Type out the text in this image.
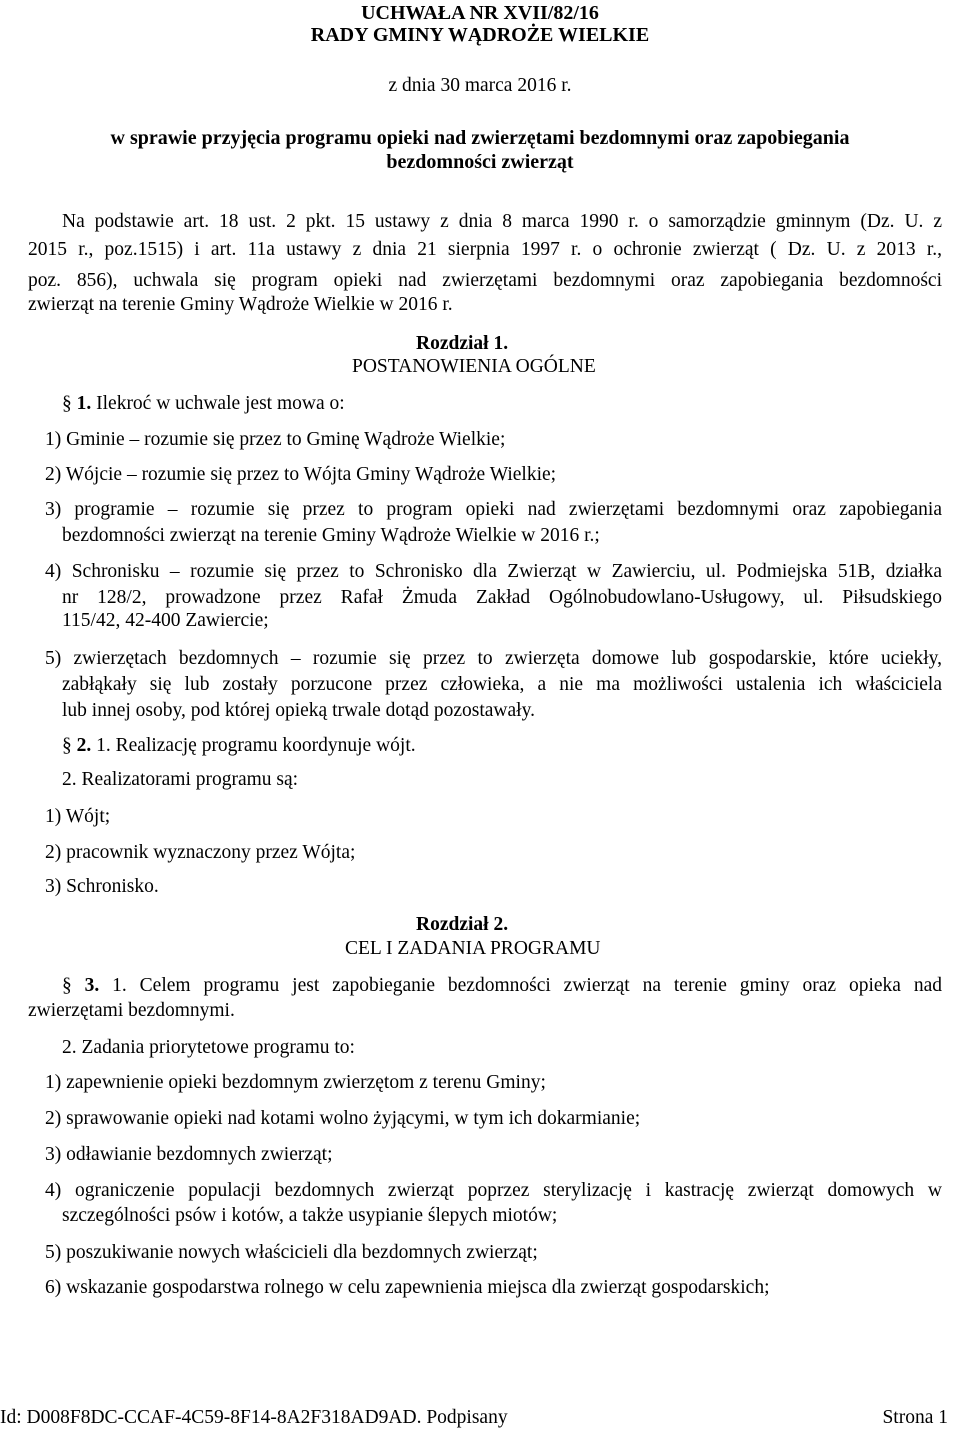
UCHWAŁA NR XVII/82/16
RADY GMINY WĄDROŻE WIELKIE
z dnia 30 marca 2016 r.
w sprawie przyjęcia programu opieki nad zwierzętami bezdomnymi oraz zapobiegania
bezdomności zwierząt
Na podstawie art. 18 ust. 2 pkt. 15 ustawy z dnia 8 marca 1990 r. o samorządzie gminnym (Dz. U. z
2015 r., poz.1515) i art. 11a ustawy z dnia 21 sierpnia 1997 r. o ochronie zwierząt ( Dz. U. z 2013 r.,
poz. 856), uchwala się program opieki nad zwierzętami bezdomnymi oraz zapobiegania bezdomności
zwierząt na terenie Gminy Wądroże Wielkie w 2016 r.
Rozdział 1.
POSTANOWIENIA OGÓLNE
§ 1. Ilekroć w uchwale jest mowa o:
1) Gminie – rozumie się przez to Gminę Wądroże Wielkie;
2) Wójcie – rozumie się przez to Wójta Gminy Wądroże Wielkie;
3) programie – rozumie się przez to program opieki nad zwierzętami bezdomnymi oraz zapobiegania
bezdomności zwierząt na terenie Gminy Wądroże Wielkie w 2016 r.;
4) Schronisku – rozumie się przez to Schronisko dla Zwierząt w Zawierciu, ul. Podmiejska 51B, działka
nr 128/2, prowadzone przez Rafał Żmuda Zakład Ogólnobudowlano-Usługowy, ul. Piłsudskiego
115/42, 42-400 Zawiercie;
5) zwierzętach bezdomnych – rozumie się przez to zwierzęta domowe lub gospodarskie, które uciekły,
zabłąkały się lub zostały porzucone przez człowieka, a nie ma możliwości ustalenia ich właściciela
lub innej osoby, pod której opieką trwale dotąd pozostawały.
§ 2. 1. Realizację programu koordynuje wójt.
2. Realizatorami programu są:
1) Wójt;
2) pracownik wyznaczony przez Wójta;
3) Schronisko.
Rozdział 2.
CEL I ZADANIA PROGRAMU
§ 3. 1. Celem programu jest zapobieganie bezdomności zwierząt na terenie gminy oraz opieka nad
zwierzętami bezdomnymi.
2. Zadania priorytetowe programu to:
1) zapewnienie opieki bezdomnym zwierzętom z terenu Gminy;
2) sprawowanie opieki nad kotami wolno żyjącymi, w tym ich dokarmianie;
3) odławianie bezdomnych zwierząt;
4) ograniczenie populacji bezdomnych zwierząt poprzez sterylizację i kastrację zwierząt domowych w
szczególności psów i kotów, a także usypianie ślepych miotów;
5) poszukiwanie nowych właścicieli dla bezdomnych zwierząt;
6) wskazanie gospodarstwa rolnego w celu zapewnienia miejsca dla zwierząt gospodarskich;
Id: D008F8DC-CCAF-4C59-8F14-8A2F318AD9AD. Podpisany	Strona 1
